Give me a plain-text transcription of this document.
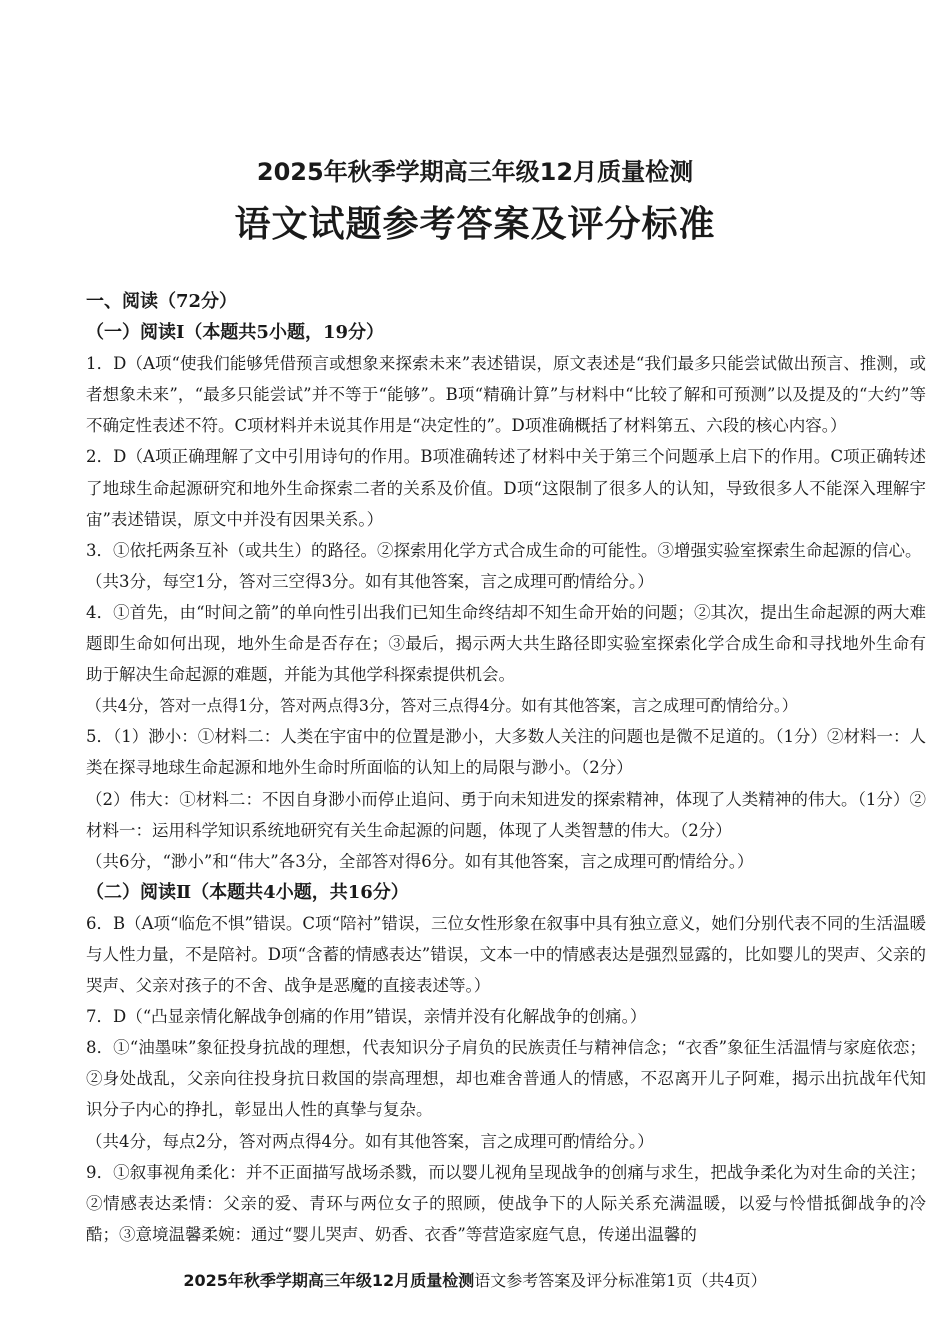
2025年秋季学期高三年级12月质量检测
语文试题参考答案及评分标准

一、阅读（72分）

（一）阅读Ⅰ（本题共5小题，19分）

1．D（A项“使我们能够凭借预言或想象来探索未来”表述错误，原文表述是“我们最多只能尝试做出预言、推测，或者想象未来”，“最多只能尝试”并不等于“能够”。B项“精确计算”与材料中“比较了解和可预测”以及提及的“大约”等不确定性表述不符。C项材料并未说其作用是“决定性的”。D项准确概括了材料第五、六段的核心内容。）

2．D（A项正确理解了文中引用诗句的作用。B项准确转述了材料中关于第三个问题承上启下的作用。C项正确转述了地球生命起源研究和地外生命探索二者的关系及价值。D项“这限制了很多人的认知，导致很多人不能深入理解宇宙”表述错误，原文中并没有因果关系。）

3．①依托两条互补（或共生）的路径。②探索用化学方式合成生命的可能性。③增强实验室探索生命起源的信心。

（共3分，每空1分，答对三空得3分。如有其他答案，言之成理可酌情给分。）

4．①首先，由“时间之箭”的单向性引出我们已知生命终结却不知生命开始的问题；②其次，提出生命起源的两大难题即生命如何出现，地外生命是否存在；③最后，揭示两大共生路径即实验室探索化学合成生命和寻找地外生命有助于解决生命起源的难题，并能为其他学科探索提供机会。

（共4分，答对一点得1分，答对两点得3分，答对三点得4分。如有其他答案，言之成理可酌情给分。）

5．（1）渺小：①材料二：人类在宇宙中的位置是渺小，大多数人关注的问题也是微不足道的。（1分）②材料一：人类在探寻地球生命起源和地外生命时所面临的认知上的局限与渺小。（2分）

（2）伟大：①材料二：不因自身渺小而停止追问、勇于向未知进发的探索精神，体现了人类精神的伟大。（1分）②材料一：运用科学知识系统地研究有关生命起源的问题，体现了人类智慧的伟大。（2分）

（共6分，“渺小”和“伟大”各3分，全部答对得6分。如有其他答案，言之成理可酌情给分。）

（二）阅读Ⅱ（本题共4小题，共16分）

6．B（A项“临危不惧”错误。C项“陪衬”错误，三位女性形象在叙事中具有独立意义，她们分别代表不同的生活温暖与人性力量，不是陪衬。D项“含蓄的情感表达”错误，文本一中的情感表达是强烈显露的，比如婴儿的哭声、父亲的哭声、父亲对孩子的不舍、战争是恶魔的直接表述等。）

7．D（“凸显亲情化解战争创痛的作用”错误，亲情并没有化解战争的创痛。）

8．①“油墨味”象征投身抗战的理想，代表知识分子肩负的民族责任与精神信念；“衣香”象征生活温情与家庭依恋；②身处战乱，父亲向往投身抗日救国的崇高理想，却也难舍普通人的情感，不忍离开儿子阿难，揭示出抗战年代知识分子内心的挣扎，彰显出人性的真挚与复杂。

（共4分，每点2分，答对两点得4分。如有其他答案，言之成理可酌情给分。）

9．①叙事视角柔化：并不正面描写战场杀戮，而以婴儿视角呈现战争的创痛与求生，把战争柔化为对生命的关注；②情感表达柔情：父亲的爱、青环与两位女子的照顾，使战争下的人际关系充满温暖，以爱与怜惜抵御战争的冷酷；③意境温馨柔婉：通过“婴儿哭声、奶香、衣香”等营造家庭气息，传递出温馨的

2025年秋季学期高三年级12月质量检测语文参考答案及评分标准第1页（共4页）
